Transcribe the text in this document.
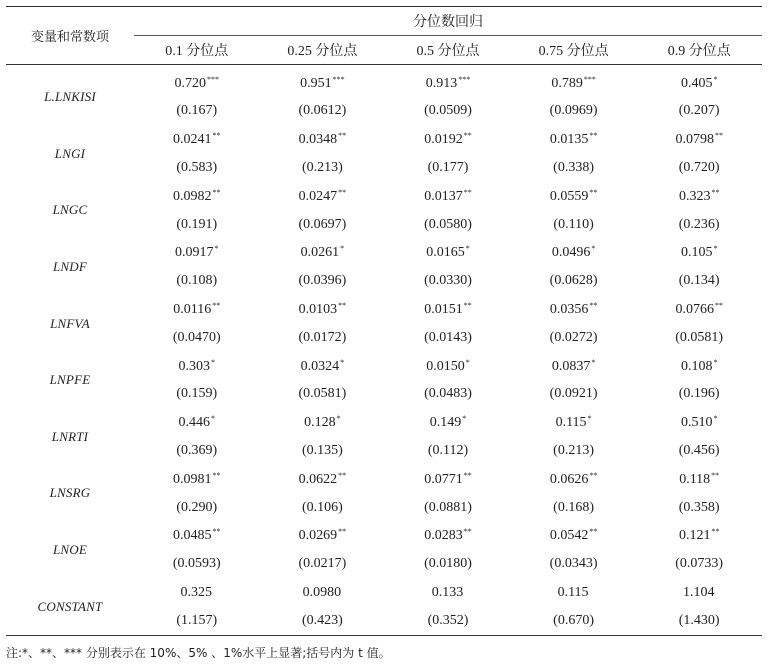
变量和常数项	分位数回归				
	0.1 分位点	0.25 分位点	0.5 分位点	0.75 分位点	0.9 分位点

L.LNKISI	0.720***	0.951***	0.913***	0.789***	0.405*
	(0.167)	(0.0612)	(0.0509)	(0.0969)	(0.207)
LNGI	0.0241**	0.0348**	0.0192**	0.0135**	0.0798**
	(0.583)	(0.213)	(0.177)	(0.338)	(0.720)
LNGC	0.0982**	0.0247**	0.0137**	0.0559**	0.323**
	(0.191)	(0.0697)	(0.0580)	(0.110)	(0.236)
LNDF	0.0917*	0.0261*	0.0165*	0.0496*	0.105*
	(0.108)	(0.0396)	(0.0330)	(0.0628)	(0.134)
LNFVA	0.0116**	0.0103**	0.0151**	0.0356**	0.0766**
	(0.0470)	(0.0172)	(0.0143)	(0.0272)	(0.0581)
LNPFE	0.303*	0.0324*	0.0150*	0.0837*	0.108*
	(0.159)	(0.0581)	(0.0483)	(0.0921)	(0.196)
LNRTI	0.446*	0.128*	0.149*	0.115*	0.510*
	(0.369)	(0.135)	(0.112)	(0.213)	(0.456)
LNSRG	0.0981**	0.0622**	0.0771**	0.0626**	0.118**
	(0.290)	(0.106)	(0.0881)	(0.168)	(0.358)
LNOE	0.0485**	0.0269**	0.0283**	0.0542**	0.121**
	(0.0593)	(0.0217)	(0.0180)	(0.0343)	(0.0733)
CONSTANT	0.325	0.0980	0.133	0.115	1.104
	(1.157)	(0.423)	(0.352)	(0.670)	(1.430)
注:*、**、*** 分别表示在 10%、5% 、1%水平上显著;括号内为 t 值。
